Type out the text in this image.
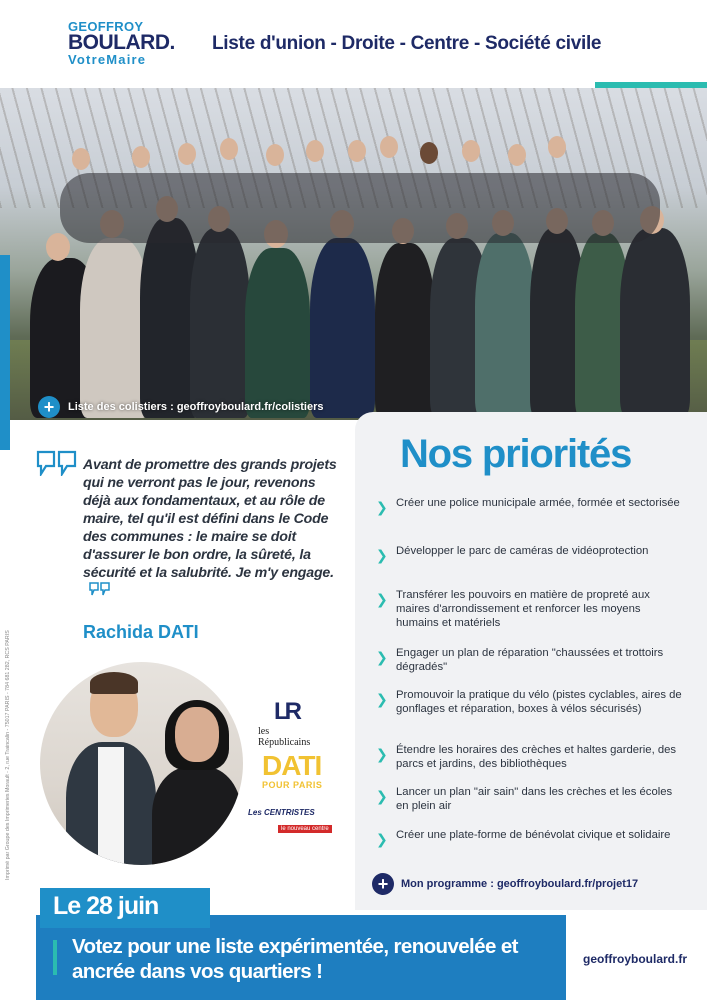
GEOFFROY
BOULARD.
VotreMaire
Liste d'union - Droite - Centre - Société civile
+	Liste des colistiers : geoffroyboulard.fr/colistiers
Nos priorités
❯ Créer une police municipale armée, formée et sectorisée
❯ Développer le parc de caméras de vidéoprotection
❯ Transférer les pouvoirs en matière de propreté aux maires d'arrondissement et renforcer les moyens humains et matériels
❯ Engager un plan de réparation "chaussées et trottoirs dégradés"
❯ Promouvoir la pratique du vélo (pistes cyclables, aires de gonflages et réparation, boxes à vélos sécurisés)
❯ Étendre les horaires des crèches et haltes garderie, des parcs et jardins, des bibliothèques
❯ Lancer un plan "air sain" dans les crèches et les écoles en plein air
❯ Créer une plate-forme de bénévolat civique et solidaire
+	Mon programme : geoffroyboulard.fr/projet17
Avant de promettre des grands projets qui ne verront pas le jour, revenons déjà aux fondamentaux, et au rôle de maire, tel qu'il est défini dans le Code des communes : le maire se doit d'assurer le bon ordre, la sûreté, la sécurité et la salubrité. Je m'y engage.
Rachida DATI
Imprimé par Groupe des Imprimeries Morault - 2, rue Traincalin - 75017 PARIS - 784 681 282, RCS PARIS	LR
les
Républicains
DATI
POUR PARIS
Les CENTRISTES
le nouveau centre
Le 28 juin
Votez pour une liste expérimentée, renouvelée et ancrée dans vos quartiers !
geoffroyboulard.fr
